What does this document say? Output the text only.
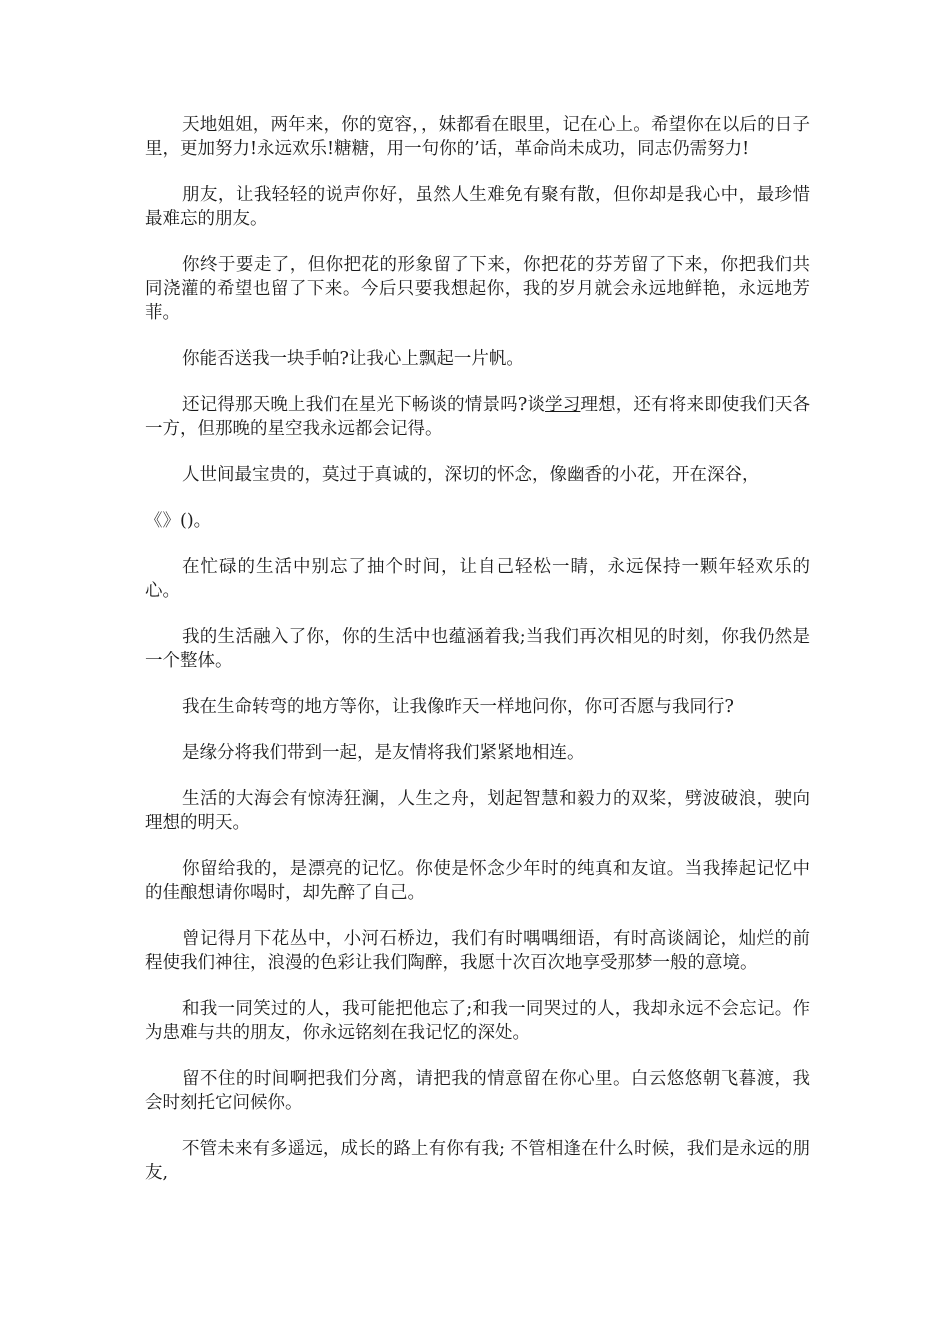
天地姐姐，两年来，你的宽容，，妹都看在眼里，记在心上。希望你在以后的日子里，更加努力!永远欢乐!糖糖，用一句你的’话，革命尚未成功，同志仍需努力!

朋友，让我轻轻的说声你好，虽然人生难免有聚有散，但你却是我心中，最珍惜最难忘的朋友。

你终于要走了，但你把花的形象留了下来，你把花的芬芳留了下来，你把我们共同浇灌的希望也留了下来。今后只要我想起你，我的岁月就会永远地鲜艳，永远地芳菲。

你能否送我一块手帕?让我心上飘起一片帆。

还记得那天晚上我们在星光下畅谈的情景吗?谈学习理想，还有将来即使我们天各一方，但那晚的星空我永远都会记得。

人世间最宝贵的，莫过于真诚的，深切的怀念，像幽香的小花，开在深谷，

《》()。

在忙碌的生活中别忘了抽个时间，让自己轻松一睛，永远保持一颗年轻欢乐的心。

我的生活融入了你，你的生活中也蕴涵着我;当我们再次相见的时刻，你我仍然是一个整体。

我在生命转弯的地方等你，让我像昨天一样地问你，你可否愿与我同行?

是缘分将我们带到一起，是友情将我们紧紧地相连。

生活的大海会有惊涛狂澜，人生之舟，划起智慧和毅力的双桨，劈波破浪，驶向理想的明天。

你留给我的，是漂亮的记忆。你使是怀念少年时的纯真和友谊。当我捧起记忆中的佳酿想请你喝时，却先醉了自己。

曾记得月下花丛中，小河石桥边，我们有时喁喁细语，有时高谈阔论，灿烂的前程使我们神往，浪漫的色彩让我们陶醉，我愿十次百次地享受那梦一般的意境。

和我一同笑过的人，我可能把他忘了;和我一同哭过的人，我却永远不会忘记。作为患难与共的朋友，你永远铭刻在我记忆的深处。

留不住的时间啊把我们分离，请把我的情意留在你心里。白云悠悠朝飞暮渡，我会时刻托它问候你。

不管未来有多遥远，成长的路上有你有我; 不管相逢在什么时候，我们是永远的朋友,
